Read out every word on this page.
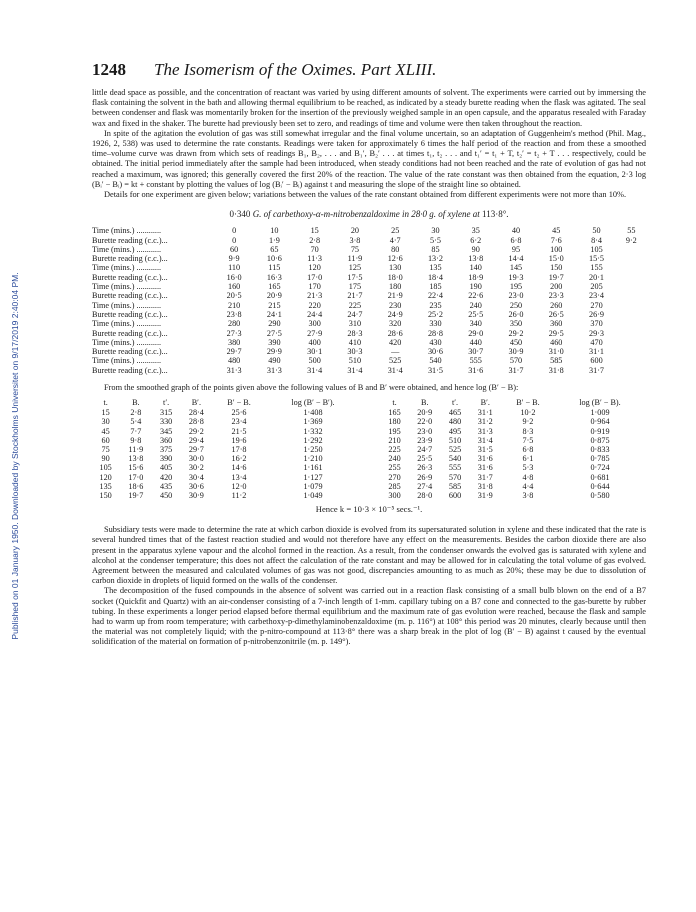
Published on 01 January 1950. Downloaded by Stockholms Universitet on 9/17/2019 2:40:04 PM.
1248	The Isomerism of the Oximes. Part XLIII.

little dead space as possible, and the concentration of reactant was varied by using different amounts of solvent. The experiments were carried out by immersing the flask containing the solvent in the bath and allowing thermal equilibrium to be reached, as indicated by a steady burette reading when the flask was agitated. The seal between condenser and flask was momentarily broken for the insertion of the previously weighed sample in an open capsule, and the apparatus resealed with Faraday wax and fixed in the shaker. The burette had previously been set to zero, and readings of time and volume were then taken throughout the reaction.

In spite of the agitation the evolution of gas was still somewhat irregular and the final volume uncertain, so an adaptation of Guggenheim's method (Phil. Mag., 1926, 2, 538) was used to determine the rate constants. Readings were taken for approximately 6 times the half period of the reaction and from these a smoothed time–volume curve was drawn from which sets of readings B₁, B₂, . . . and B₁′, B₂′ . . . at times t₁, t₂ . . . and t₁′ = t₁ + T, t₂′ = t₂ + T . . . respectively, could be obtained. The initial period immediately after the sample had been introduced, when steady conditions had not been reached and the rate of evolution of gas had not reached a maximum, was ignored; this generally covered the first 20% of the reaction. The value of the rate constant was then obtained from the equation, 2·3 log (Bᵢ′ − Bᵢ) = kt + constant by plotting the values of log (Bᵢ′ − Bᵢ) against t and measuring the slope of the straight line so obtained.

Details for one experiment are given below; variations between the values of the rate constant obtained from different experiments were not more than 10%.

0·340 G. of carbethoxy-α-m-nitrobenzaldoxime in 28·0 g. of xylene at 113·8°.
Time (mins.) ............	0	10	15	20	25	30	35	40	45	50	55
Burette reading (c.c.)...	0	1·9	2·8	3·8	4·7	5·5	6·2	6·8	7·6	8·4	9·2
Time (mins.) ............	60	65	70	75	80	85	90	95	100	105	
Burette reading (c.c.)...	9·9	10·6	11·3	11·9	12·6	13·2	13·8	14·4	15·0	15·5	
Time (mins.) ............	110	115	120	125	130	135	140	145	150	155	
Burette reading (c.c.)...	16·0	16·3	17·0	17·5	18·0	18·4	18·9	19·3	19·7	20·1	
Time (mins.) ............	160	165	170	175	180	185	190	195	200	205	
Burette reading (c.c.)...	20·5	20·9	21·3	21·7	21·9	22·4	22·6	23·0	23·3	23·4	
Time (mins.) ............	210	215	220	225	230	235	240	250	260	270	
Burette reading (c.c.)...	23·8	24·1	24·4	24·7	24·9	25·2	25·5	26·0	26·5	26·9	
Time (mins.) ............	280	290	300	310	320	330	340	350	360	370	
Burette reading (c.c.)...	27·3	27·5	27·9	28·3	28·6	28·8	29·0	29·2	29·5	29·3	
Time (mins.) ............	380	390	400	410	420	430	440	450	460	470	
Burette reading (c.c.)...	29·7	29·9	30·1	30·3	—	30·6	30·7	30·9	31·0	31·1	
Time (mins.) ............	480	490	500	510	525	540	555	570	585	600	
Burette reading (c.c.)...	31·3	31·3	31·4	31·4	31·4	31·5	31·6	31·7	31·8	31·7	

From the smoothed graph of the points given above the following values of B and B′ were obtained, and hence log (B′ − B):

t.	B.	t′.	B′.	B′ − B.	log (B′ − B′).		t.	B.	t′.	B′.	B′ − B.	log (B′ − B).
15	2·8	315	28·4	25·6	1·408		165	20·9	465	31·1	10·2	1·009
30	5·4	330	28·8	23·4	1·369		180	22·0	480	31·2	9·2	0·964
45	7·7	345	29·2	21·5	1·332		195	23·0	495	31·3	8·3	0·919
60	9·8	360	29·4	19·6	1·292		210	23·9	510	31·4	7·5	0·875
75	11·9	375	29·7	17·8	1·250		225	24·7	525	31·5	6·8	0·833
90	13·8	390	30·0	16·2	1·210		240	25·5	540	31·6	6·1	0·785
105	15·6	405	30·2	14·6	1·161		255	26·3	555	31·6	5·3	0·724
120	17·0	420	30·4	13·4	1·127		270	26·9	570	31·7	4·8	0·681
135	18·6	435	30·6	12·0	1·079		285	27·4	585	31·8	4·4	0·644
150	19·7	450	30·9	11·2	1·049		300	28·0	600	31·9	3·8	0·580
Hence k = 10·3 × 10⁻⁵ secs.⁻¹.

Subsidiary tests were made to determine the rate at which carbon dioxide is evolved from its supersaturated solution in xylene and these indicated that the rate is several hundred times that of the fastest reaction studied and would not therefore have any effect on the measurements. Besides the carbon dioxide there are also present in the apparatus xylene vapour and the alcohol formed in the reaction. As a result, from the condenser onwards the evolved gas is saturated with xylene and alcohol at the condenser temperature; this does not affect the calculation of the rate constant and may be allowed for in calculating the total volume of gas evolved. Agreement between the measured and calculated volumes of gas was not good, discrepancies amounting to as much as 20%; these may be due to dissolution of carbon dioxide in droplets of liquid formed on the walls of the condenser.

The decomposition of the fused compounds in the absence of solvent was carried out in a reaction flask consisting of a small bulb blown on the end of a B7 socket (Quickfit and Quartz) with an air-condenser consisting of a 7-inch length of 1-mm. capillary tubing on a B7 cone and connected to the gas-burette by rubber tubing. In these experiments a longer period elapsed before thermal equilibrium and the maximum rate of gas evolution were reached, because the flask and sample had to warm up from room temperature; with carbethoxy-p-dimethylaminobenzaldoxime (m. p. 116°) at 108° this period was 20 minutes, clearly because until then the material was not completely liquid; with the p-nitro-compound at 113·8° there was a sharp break in the plot of log (B′ − B) against t caused by the eventual solidification of the material on formation of p-nitrobenzonitrile (m. p. 149°).
